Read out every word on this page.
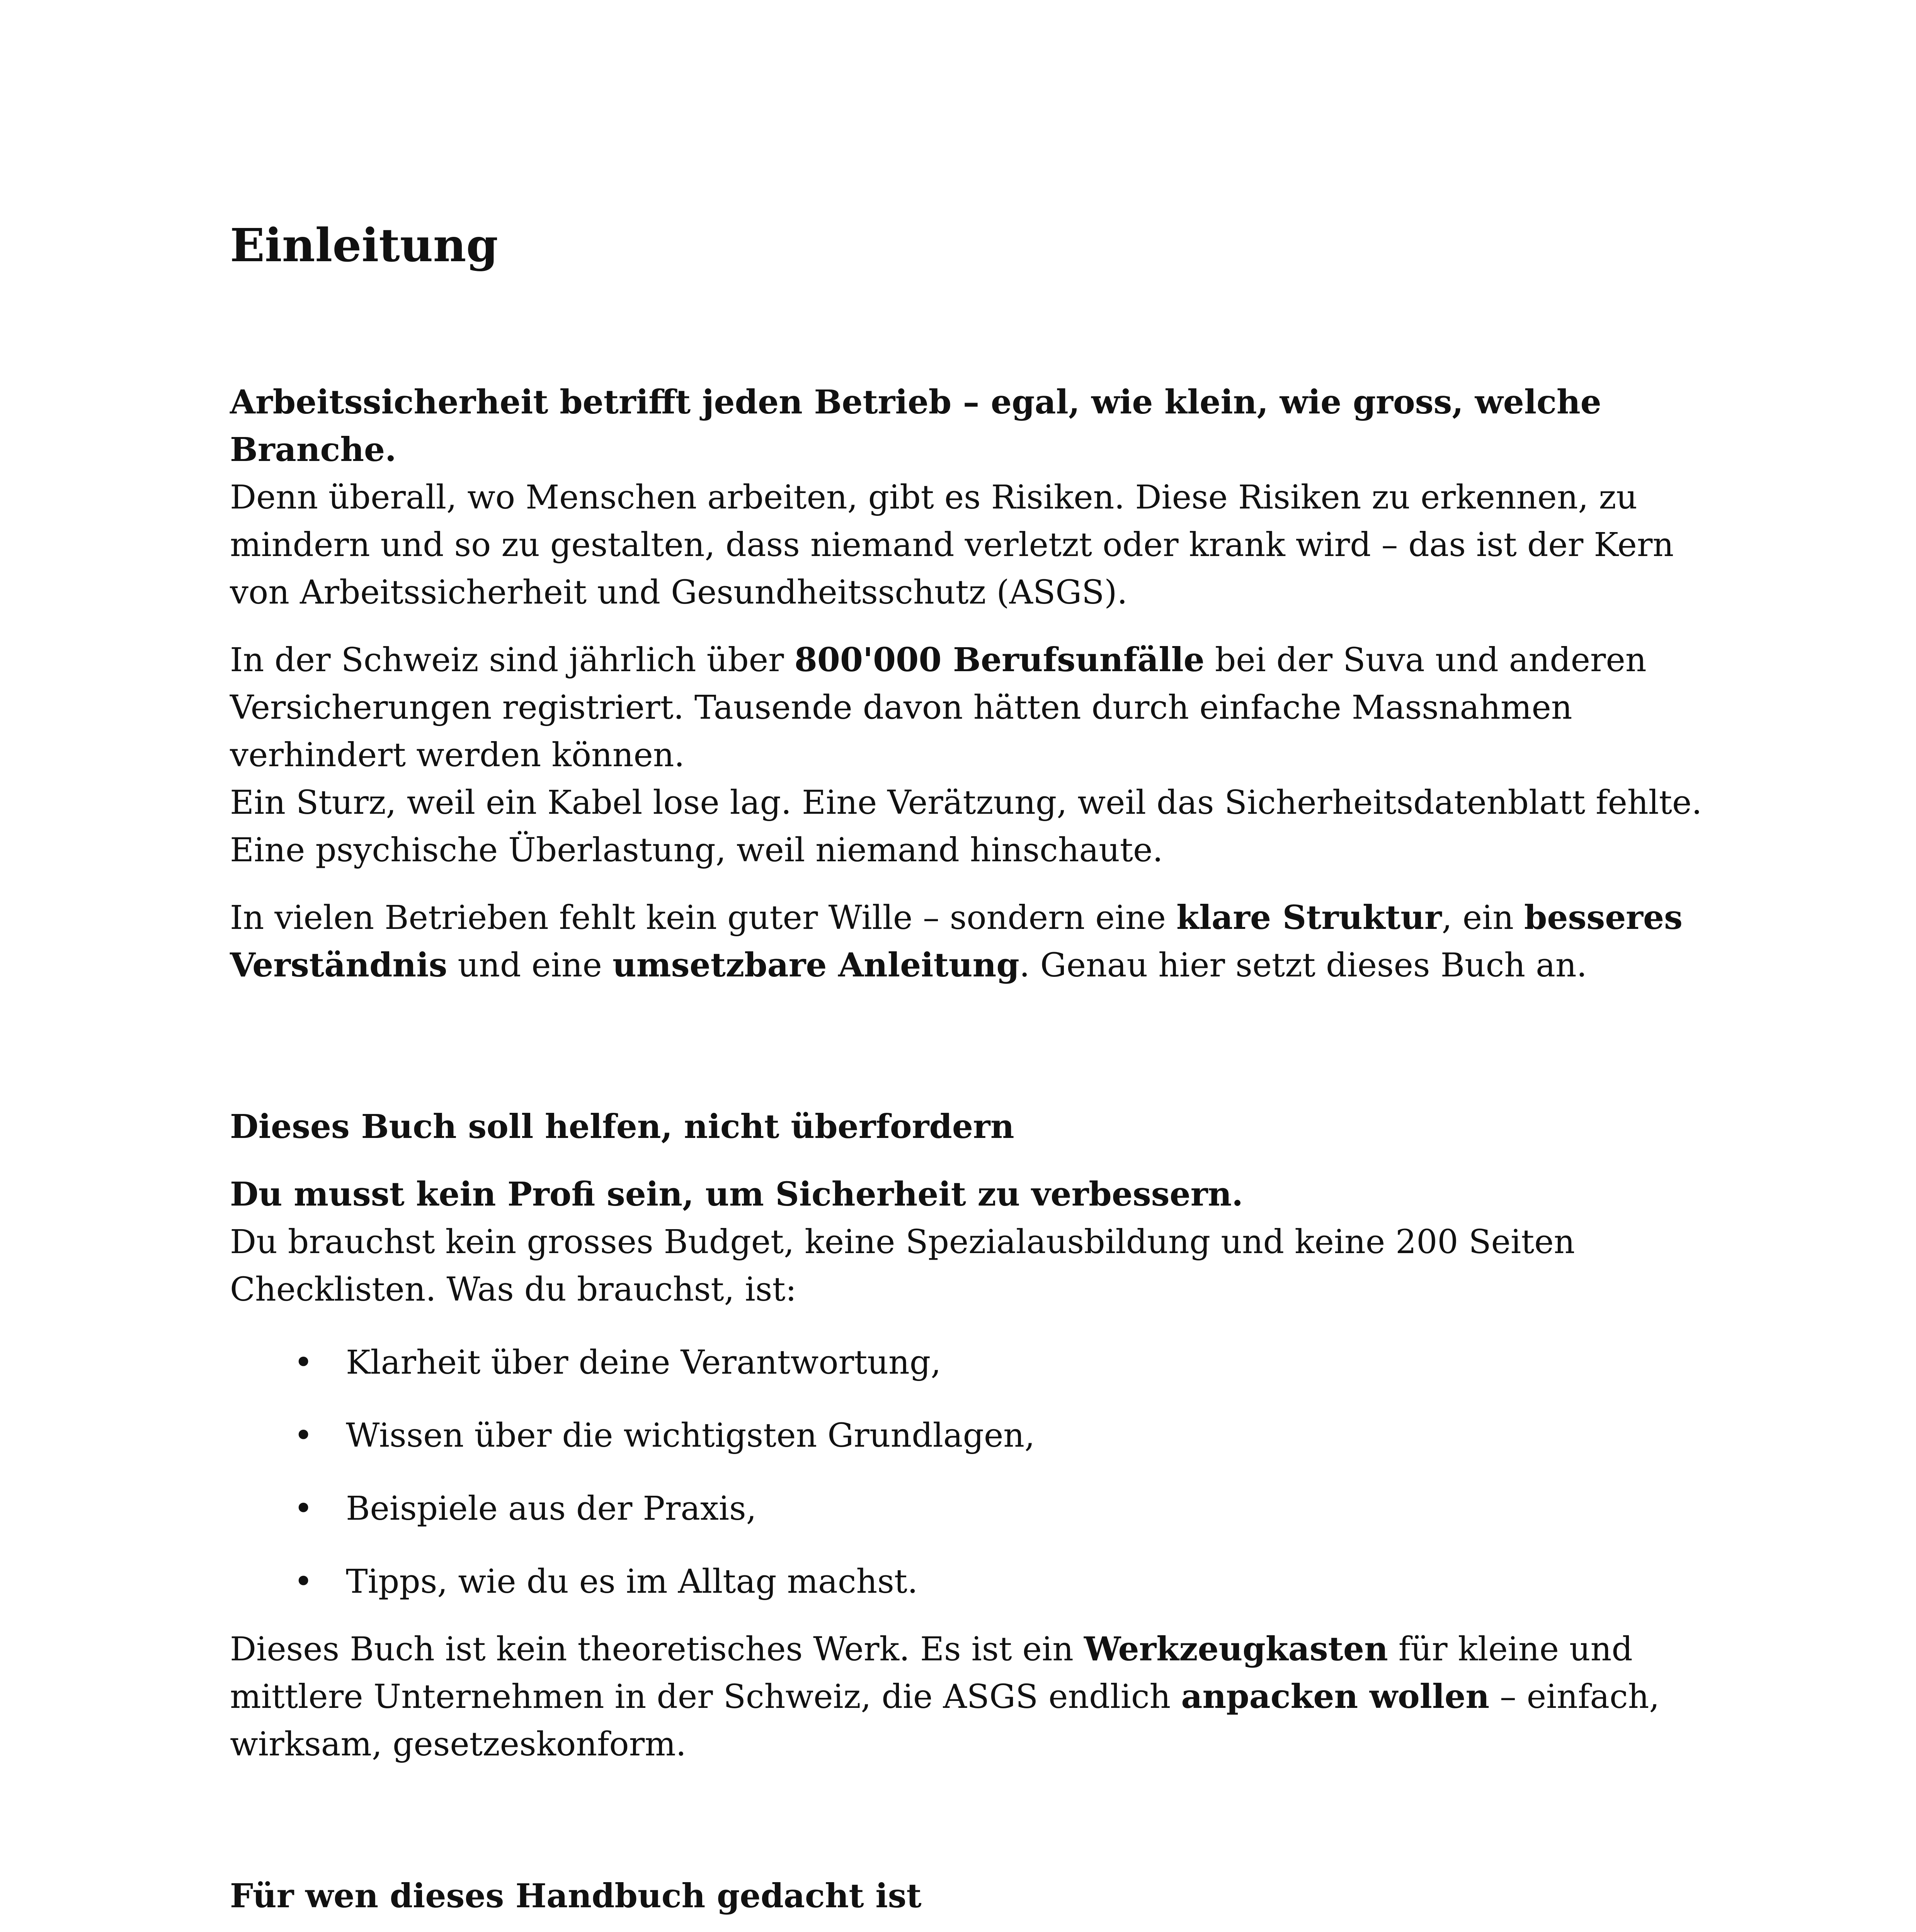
Einleitung

Arbeitssicherheit betrifft jeden Betrieb – egal, wie klein, wie gross, welche Branche.
Denn überall, wo Menschen arbeiten, gibt es Risiken. Diese Risiken zu erkennen, zu mindern und so zu gestalten, dass niemand verletzt oder krank wird – das ist der Kern von Arbeitssicherheit und Gesundheitsschutz (ASGS).

In der Schweiz sind jährlich über 800'000 Berufsunfälle bei der Suva und anderen Versicherungen registriert. Tausende davon hätten durch einfache Massnahmen verhindert werden können.
Ein Sturz, weil ein Kabel lose lag. Eine Verätzung, weil das Sicherheitsdatenblatt fehlte. Eine psychische Überlastung, weil niemand hinschaute.

In vielen Betrieben fehlt kein guter Wille – sondern eine klare Struktur, ein besseres Verständnis und eine umsetzbare Anleitung. Genau hier setzt dieses Buch an.

Dieses Buch soll helfen, nicht überfordern

Du musst kein Profi sein, um Sicherheit zu verbessern.
Du brauchst kein grosses Budget, keine Spezialausbildung und keine 200 Seiten Checklisten. Was du brauchst, ist:

• Klarheit über deine Verantwortung,
• Wissen über die wichtigsten Grundlagen,
• Beispiele aus der Praxis,
• Tipps, wie du es im Alltag machst.

Dieses Buch ist kein theoretisches Werk. Es ist ein Werkzeugkasten für kleine und mittlere Unternehmen in der Schweiz, die ASGS endlich anpacken wollen – einfach, wirksam, gesetzeskonform.

Für wen dieses Handbuch gedacht ist
